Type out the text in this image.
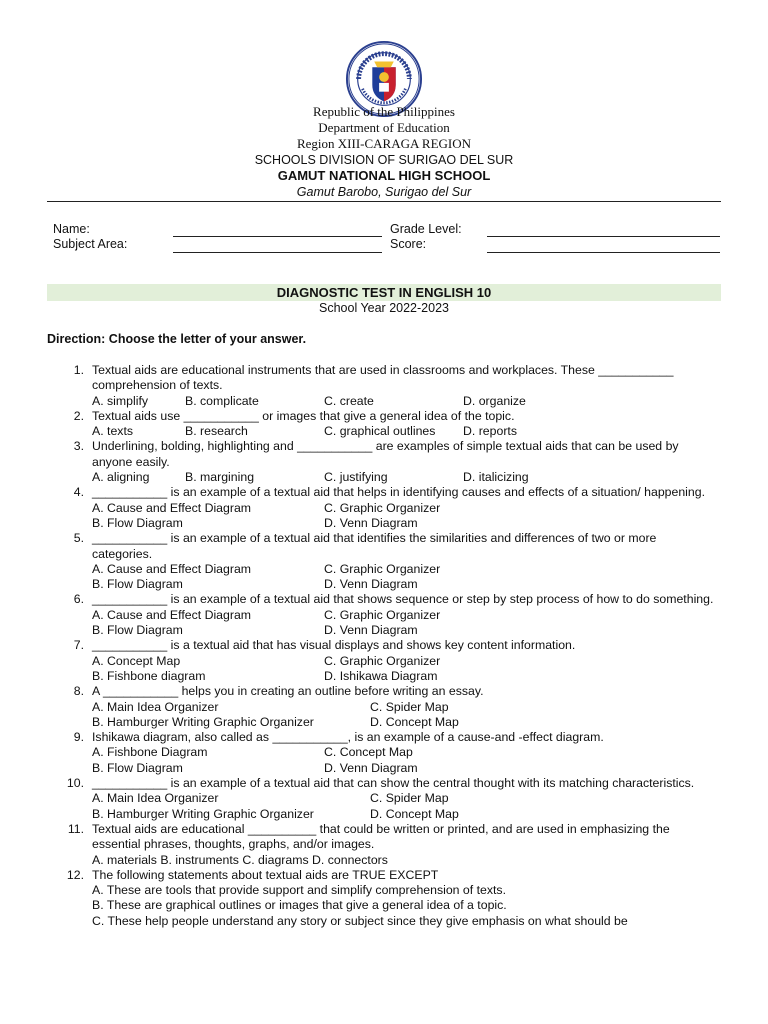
Republic of the Philippines
Department of Education
Region XIII-CARAGA REGION
SCHOOLS DIVISION OF SURIGAO DEL SUR
GAMUT NATIONAL HIGH SCHOOL
Gamut Barobo, Surigao del Sur
Name:
Subject Area:
Grade Level:
Score:
DIAGNOSTIC TEST IN ENGLISH 10
School Year 2022-2023
Direction: Choose the letter of your answer.
1. Textual aids are educational instruments that are used in classrooms and workplaces. These ___________ comprehension of texts.
A. simplify	B. complicate	C. create	D. organize
2. Textual aids use ___________ or images that give a general idea of the topic.
A. texts	B. research	C. graphical outlines D. reports
3. Underlining, bolding, highlighting and ___________ are examples of simple textual aids that can be used by anyone easily.
A. aligning	B. margining	C. justifying	D. italicizing
4. ___________ is an example of a textual aid that helps in identifying causes and effects of a situation/ happening.
A. Cause and Effect Diagram	C. Graphic Organizer
B. Flow Diagram	D. Venn Diagram
5. ___________ is an example of a textual aid that identifies the similarities and differences of two or more categories.
A. Cause and Effect Diagram	C. Graphic Organizer
B. Flow Diagram	D. Venn Diagram
6. ___________ is an example of a textual aid that shows sequence or step by step process of how to do something.
A. Cause and Effect Diagram	C. Graphic Organizer
B. Flow Diagram	D. Venn Diagram
7. ___________ is a textual aid that has visual displays and shows key content information.
A. Concept Map	C. Graphic Organizer
B. Fishbone diagram	D. Ishikawa Diagram
8. A ___________ helps you in creating an outline before writing an essay.
A. Main Idea Organizer	C. Spider Map
B. Hamburger Writing Graphic Organizer	D. Concept Map
9. Ishikawa diagram, also called as ___________, is an example of a cause-and -effect diagram.
A. Fishbone Diagram	C. Concept Map
B. Flow Diagram	D. Venn Diagram
10. ___________ is an example of a textual aid that can show the central thought with its matching characteristics.
A. Main Idea Organizer	C. Spider Map
B. Hamburger Writing Graphic Organizer	D. Concept Map
11. Textual aids are educational __________ that could be written or printed, and are used in emphasizing the essential phrases, thoughts, graphs, and/or images.
A. materials B. instruments C. diagrams D. connectors
12. The following statements about textual aids are TRUE EXCEPT
A. These are tools that provide support and simplify comprehension of texts.
B. These are graphical outlines or images that give a general idea of a topic.
C. These help people understand any story or subject since they give emphasis on what should be
